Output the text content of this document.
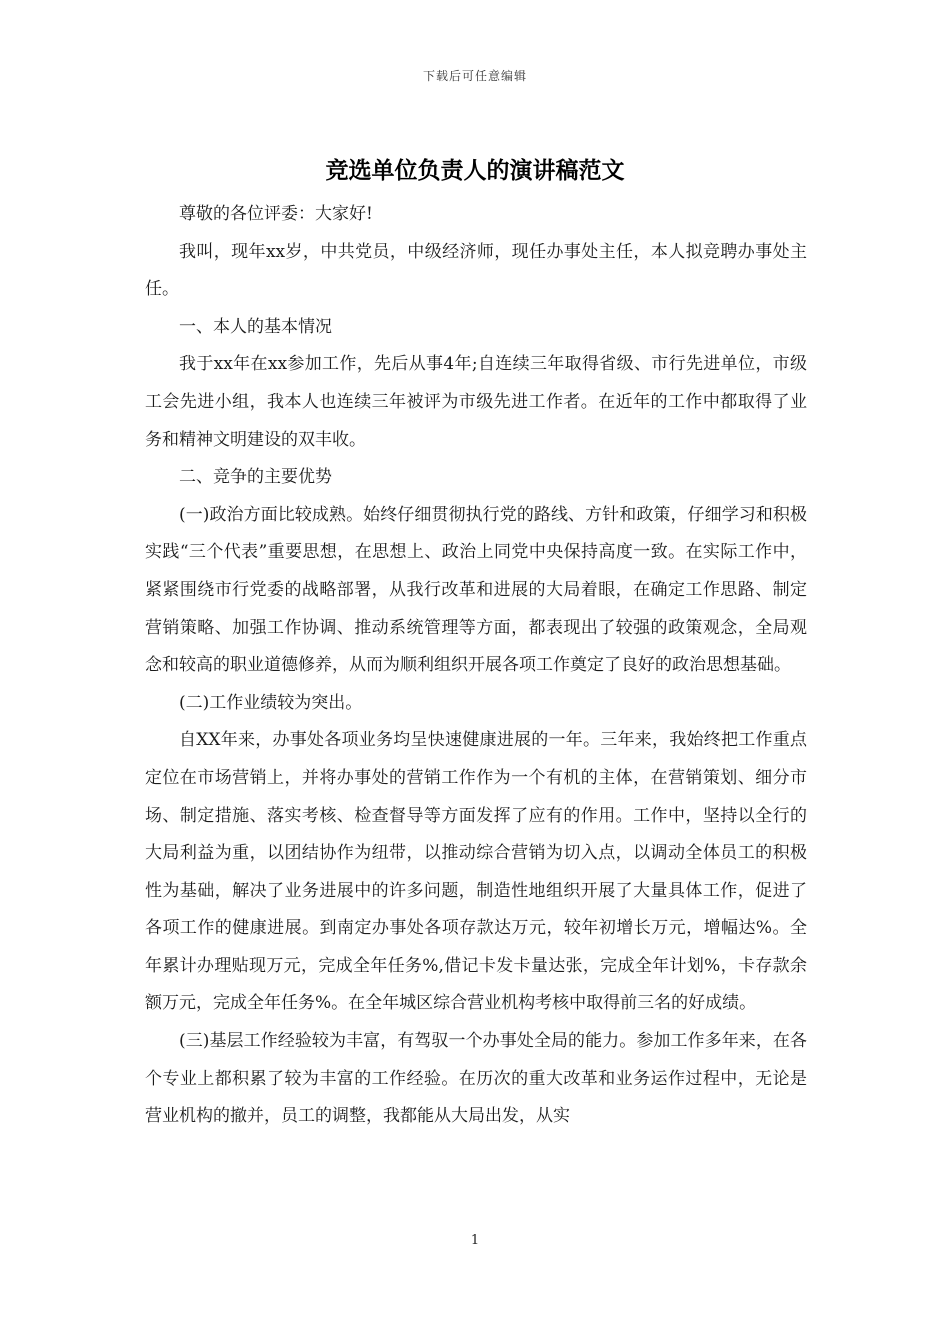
下载后可任意编辑
竞选单位负责人的演讲稿范文

尊敬的各位评委：大家好!

我叫，现年xx岁，中共党员，中级经济师，现任办事处主任，本人拟竞聘办事处主任。

一、本人的基本情况

我于xx年在xx参加工作，先后从事4年;自连续三年取得省级、市行先进单位，市级工会先进小组，我本人也连续三年被评为市级先进工作者。在近年的工作中都取得了业务和精神文明建设的双丰收。

二、竞争的主要优势

(一)政治方面比较成熟。始终仔细贯彻执行党的路线、方针和政策，仔细学习和积极实践“三个代表”重要思想，在思想上、政治上同党中央保持高度一致。在实际工作中，紧紧围绕市行党委的战略部署，从我行改革和进展的大局着眼，在确定工作思路、制定营销策略、加强工作协调、推动系统管理等方面，都表现出了较强的政策观念，全局观念和较高的职业道德修养，从而为顺利组织开展各项工作奠定了良好的政治思想基础。

(二)工作业绩较为突出。

自XX年来，办事处各项业务均呈快速健康进展的一年。三年来，我始终把工作重点定位在市场营销上，并将办事处的营销工作作为一个有机的主体，在营销策划、细分市场、制定措施、落实考核、检查督导等方面发挥了应有的作用。工作中，坚持以全行的大局利益为重，以团结协作为纽带，以推动综合营销为切入点，以调动全体员工的积极性为基础，解决了业务进展中的许多问题，制造性地组织开展了大量具体工作，促进了各项工作的健康进展。到南定办事处各项存款达万元，较年初增长万元，增幅达%。全年累计办理贴现万元，完成全年任务%,借记卡发卡量达张，完成全年计划%，卡存款余额万元，完成全年任务%。在全年城区综合营业机构考核中取得前三名的好成绩。

(三)基层工作经验较为丰富，有驾驭一个办事处全局的能力。参加工作多年来，在各个专业上都积累了较为丰富的工作经验。在历次的重大改革和业务运作过程中，无论是营业机构的撤并，员工的调整，我都能从大局出发，从实

1
